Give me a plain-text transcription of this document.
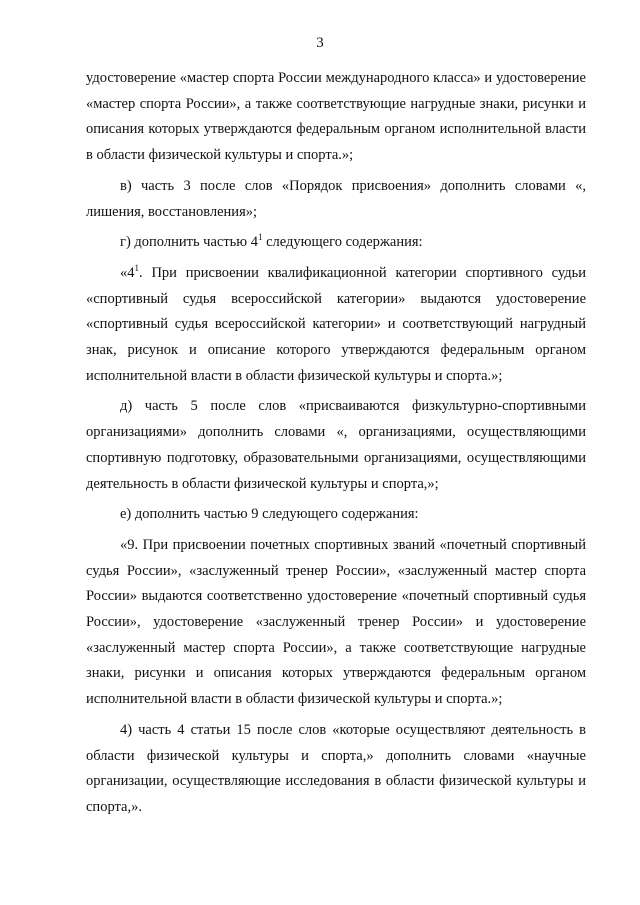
3

удостоверение «мастер спорта России международного класса» и удостоверение «мастер спорта России», а также соответствующие нагрудные знаки, рисунки и описания которых утверждаются федеральным органом исполнительной власти в области физической культуры и спорта.»;

в) часть 3 после слов «Порядок присвоения» дополнить словами «, лишения, восстановления»;

г) дополнить частью $4^1$ следующего содержания:

«$4^1$. При присвоении квалификационной категории спортивного судьи «спортивный судья всероссийской категории» выдаются удостоверение «спортивный судья всероссийской категории» и соответствующий нагрудный знак, рисунок и описание которого утверждаются федеральным органом исполнительной власти в области физической культуры и спорта.»;

д) часть 5 после слов «присваиваются физкультурно-спортивными организациями» дополнить словами «, организациями, осуществляющими спортивную подготовку, образовательными организациями, осуществляющими деятельность в области физической культуры и спорта,»;

е) дополнить частью 9 следующего содержания:

«9. При присвоении почетных спортивных званий «почетный спортивный судья России», «заслуженный тренер России», «заслуженный мастер спорта России» выдаются соответственно удостоверение «почетный спортивный судья России», удостоверение «заслуженный тренер России» и удостоверение «заслуженный мастер спорта России», а также соответствующие нагрудные знаки, рисунки и описания которых утверждаются федеральным органом исполнительной власти в области физической культуры и спорта.»;

4) часть 4 статьи 15 после слов «которые осуществляют деятельность в области физической культуры и спорта,» дополнить словами «научные организации, осуществляющие исследования в области физической культуры и спорта,».
